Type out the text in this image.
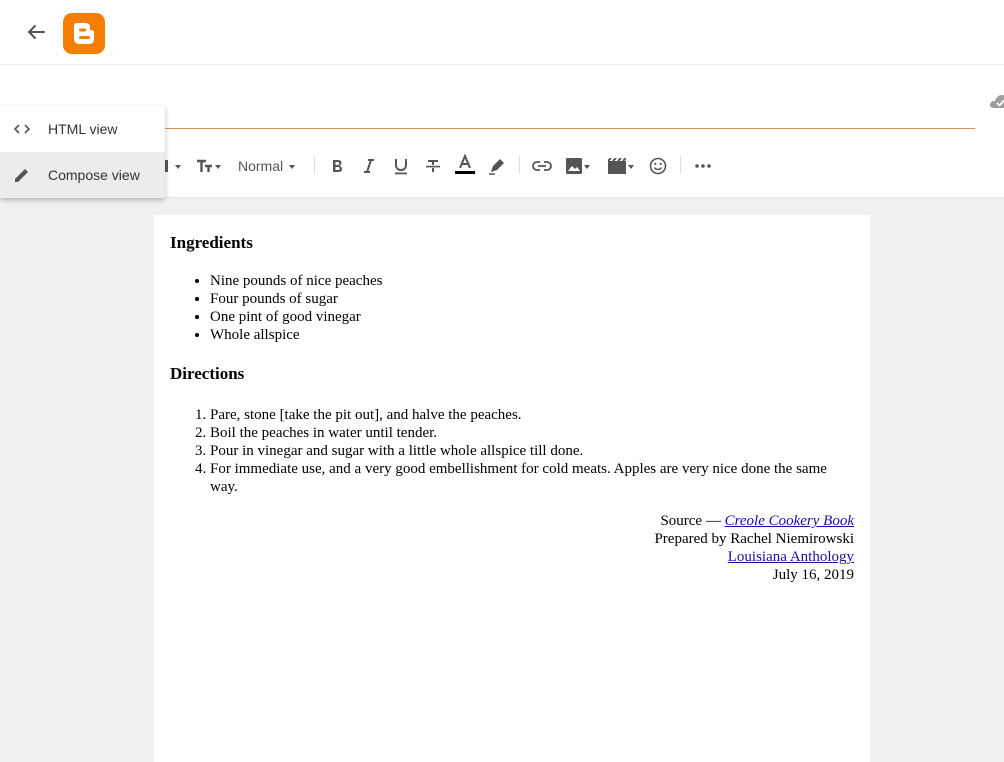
Normal
HTML view
Compose view
Ingredients
• Nine pounds of nice peaches
• Four pounds of sugar
• One pint of good vinegar
• Whole allspice
Directions
1. Pare, stone [take the pit out], and halve the peaches.
2. Boil the peaches in water until tender.
3. Pour in vinegar and sugar with a little whole allspice till done.
4. For immediate use, and a very good embellishment for cold meats. Apples are very nice done the same way.
Source — Creole Cookery Book
Prepared by Rachel Niemirowski
Louisiana Anthology
July 16, 2019
